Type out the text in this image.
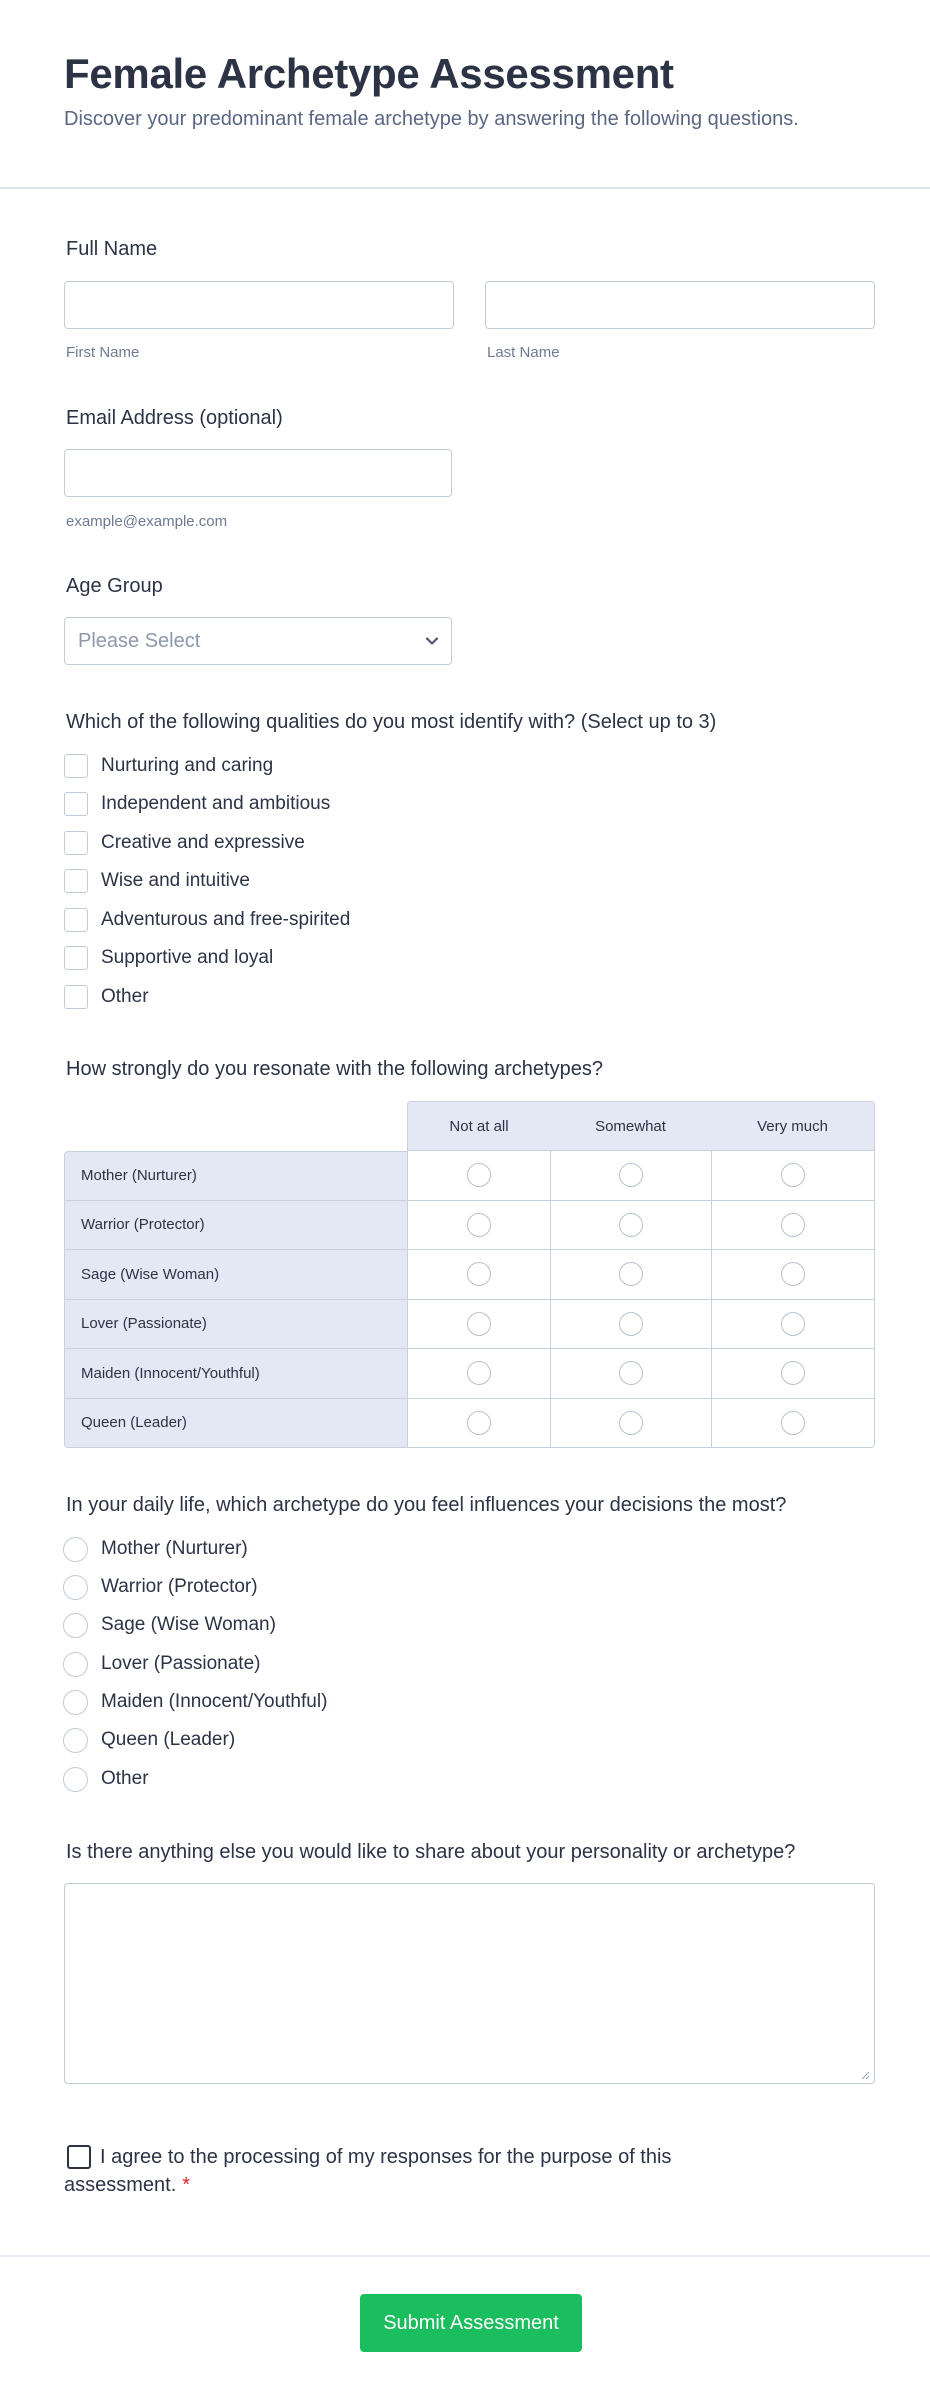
Female Archetype Assessment
Discover your predominant female archetype by answering the following questions.
Full Name
First Name	Last Name
Email Address (optional)
example@example.com
Age Group
Please Select
Which of the following qualities do you most identify with? (Select up to 3)
Nurturing and caring
Independent and ambitious
Creative and expressive
Wise and intuitive
Adventurous and free-spirited
Supportive and loyal
Other
How strongly do you resonate with the following archetypes?
Not at all	Somewhat	Very much
Mother (Nurturer)
Warrior (Protector)
Sage (Wise Woman)
Lover (Passionate)
Maiden (Innocent/Youthful)
Queen (Leader)
In your daily life, which archetype do you feel influences your decisions the most?
Mother (Nurturer)
Warrior (Protector)
Sage (Wise Woman)
Lover (Passionate)
Maiden (Innocent/Youthful)
Queen (Leader)
Other
Is there anything else you would like to share about your personality or archetype?
I agree to the processing of my responses for the purpose of this assessment. *
Submit Assessment
